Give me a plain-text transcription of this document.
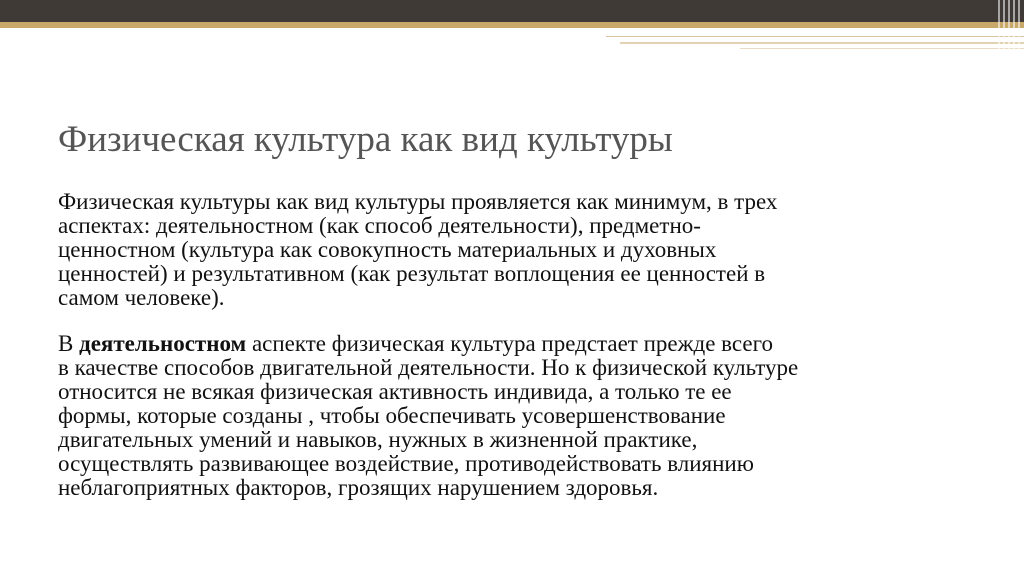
Физическая культура как вид культуры

Физическая культуры как вид культуры проявляется как минимум, в трех
аспектах: деятельностном (как способ деятельности), предметно-
ценностном (культура как совокупность материальных и духовных
ценностей) и результативном (как результат воплощения ее ценностей в
самом человеке).

В деятельностном аспекте физическая культура предстает прежде всего
в качестве способов двигательной деятельности. Но к физической культуре
относится не всякая физическая активность индивида, а только те ее
формы, которые созданы , чтобы обеспечивать усовершенствование
двигательных умений и навыков, нужных в жизненной практике,
осуществлять развивающее воздействие, противодействовать влиянию
неблагоприятных факторов, грозящих нарушением здоровья.
